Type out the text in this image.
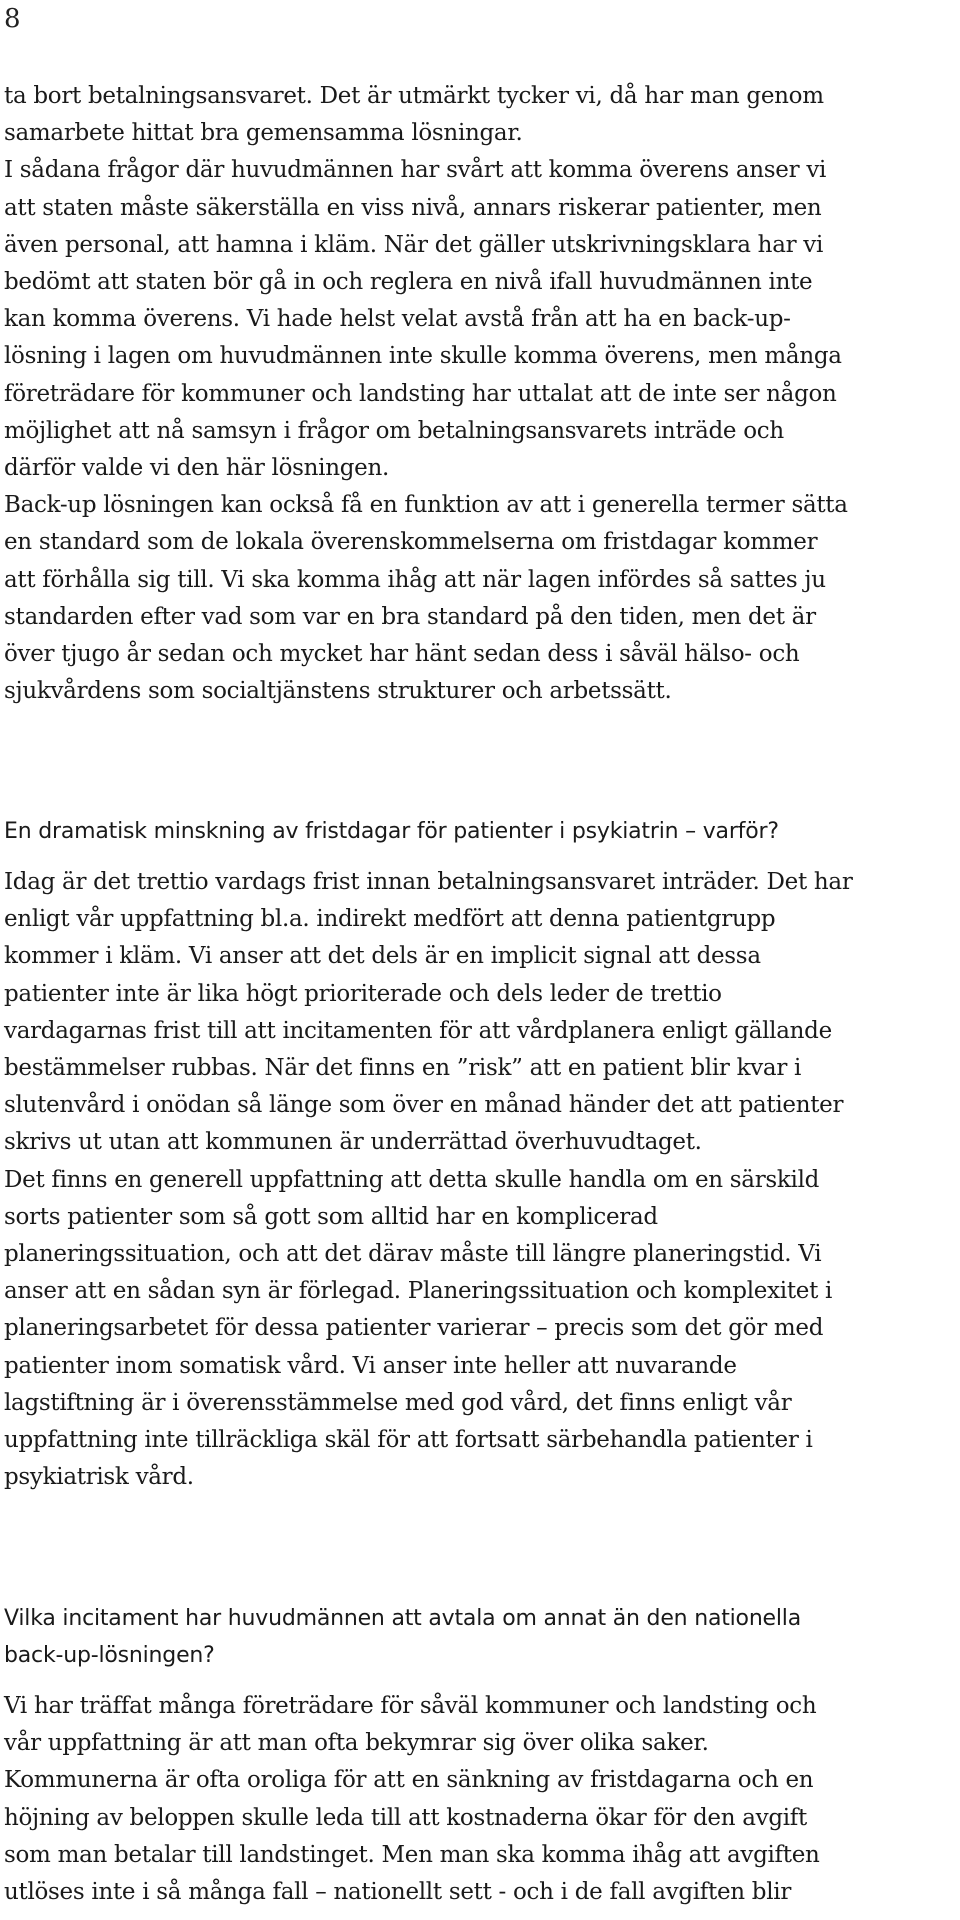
8
ta bort betalningsansvaret. Det är utmärkt tycker vi, då har man genom
samarbete hittat bra gemensamma lösningar.
I sådana frågor där huvudmännen har svårt att komma överens anser vi
att staten måste säkerställa en viss nivå, annars riskerar patienter, men
även personal, att hamna i kläm. När det gäller utskrivningsklara har vi
bedömt att staten bör gå in och reglera en nivå ifall huvudmännen inte
kan komma överens. Vi hade helst velat avstå från att ha en back-up-
lösning i lagen om huvudmännen inte skulle komma överens, men många
företrädare för kommuner och landsting har uttalat att de inte ser någon
möjlighet att nå samsyn i frågor om betalningsansvarets inträde och
därför valde vi den här lösningen.
Back-up lösningen kan också få en funktion av att i generella termer sätta
en standard som de lokala överenskommelserna om fristdagar kommer
att förhålla sig till. Vi ska komma ihåg att när lagen infördes så sattes ju
standarden efter vad som var en bra standard på den tiden, men det är
över tjugo år sedan och mycket har hänt sedan dess i såväl hälso- och
sjukvårdens som socialtjänstens strukturer och arbetssätt.
En dramatisk minskning av fristdagar för patienter i psykiatrin – varför?
Idag är det trettio vardags frist innan betalningsansvaret inträder. Det har
enligt vår uppfattning bl.a. indirekt medfört att denna patientgrupp
kommer i kläm. Vi anser att det dels är en implicit signal att dessa
patienter inte är lika högt prioriterade och dels leder de trettio
vardagarnas frist till att incitamenten för att vårdplanera enligt gällande
bestämmelser rubbas. När det finns en ”risk” att en patient blir kvar i
slutenvård i onödan så länge som över en månad händer det att patienter
skrivs ut utan att kommunen är underrättad överhuvudtaget.
Det finns en generell uppfattning att detta skulle handla om en särskild
sorts patienter som så gott som alltid har en komplicerad
planeringssituation, och att det därav måste till längre planeringstid. Vi
anser att en sådan syn är förlegad. Planeringssituation och komplexitet i
planeringsarbetet för dessa patienter varierar – precis som det gör med
patienter inom somatisk vård. Vi anser inte heller att nuvarande
lagstiftning är i överensstämmelse med god vård, det finns enligt vår
uppfattning inte tillräckliga skäl för att fortsatt särbehandla patienter i
psykiatrisk vård.
Vilka incitament har huvudmännen att avtala om annat än den nationella
back-up-lösningen?
Vi har träffat många företrädare för såväl kommuner och landsting och
vår uppfattning är att man ofta bekymrar sig över olika saker.
Kommunerna är ofta oroliga för att en sänkning av fristdagarna och en
höjning av beloppen skulle leda till att kostnaderna ökar för den avgift
som man betalar till landstinget. Men man ska komma ihåg att avgiften
utlöses inte i så många fall – nationellt sett - och i de fall avgiften blir
